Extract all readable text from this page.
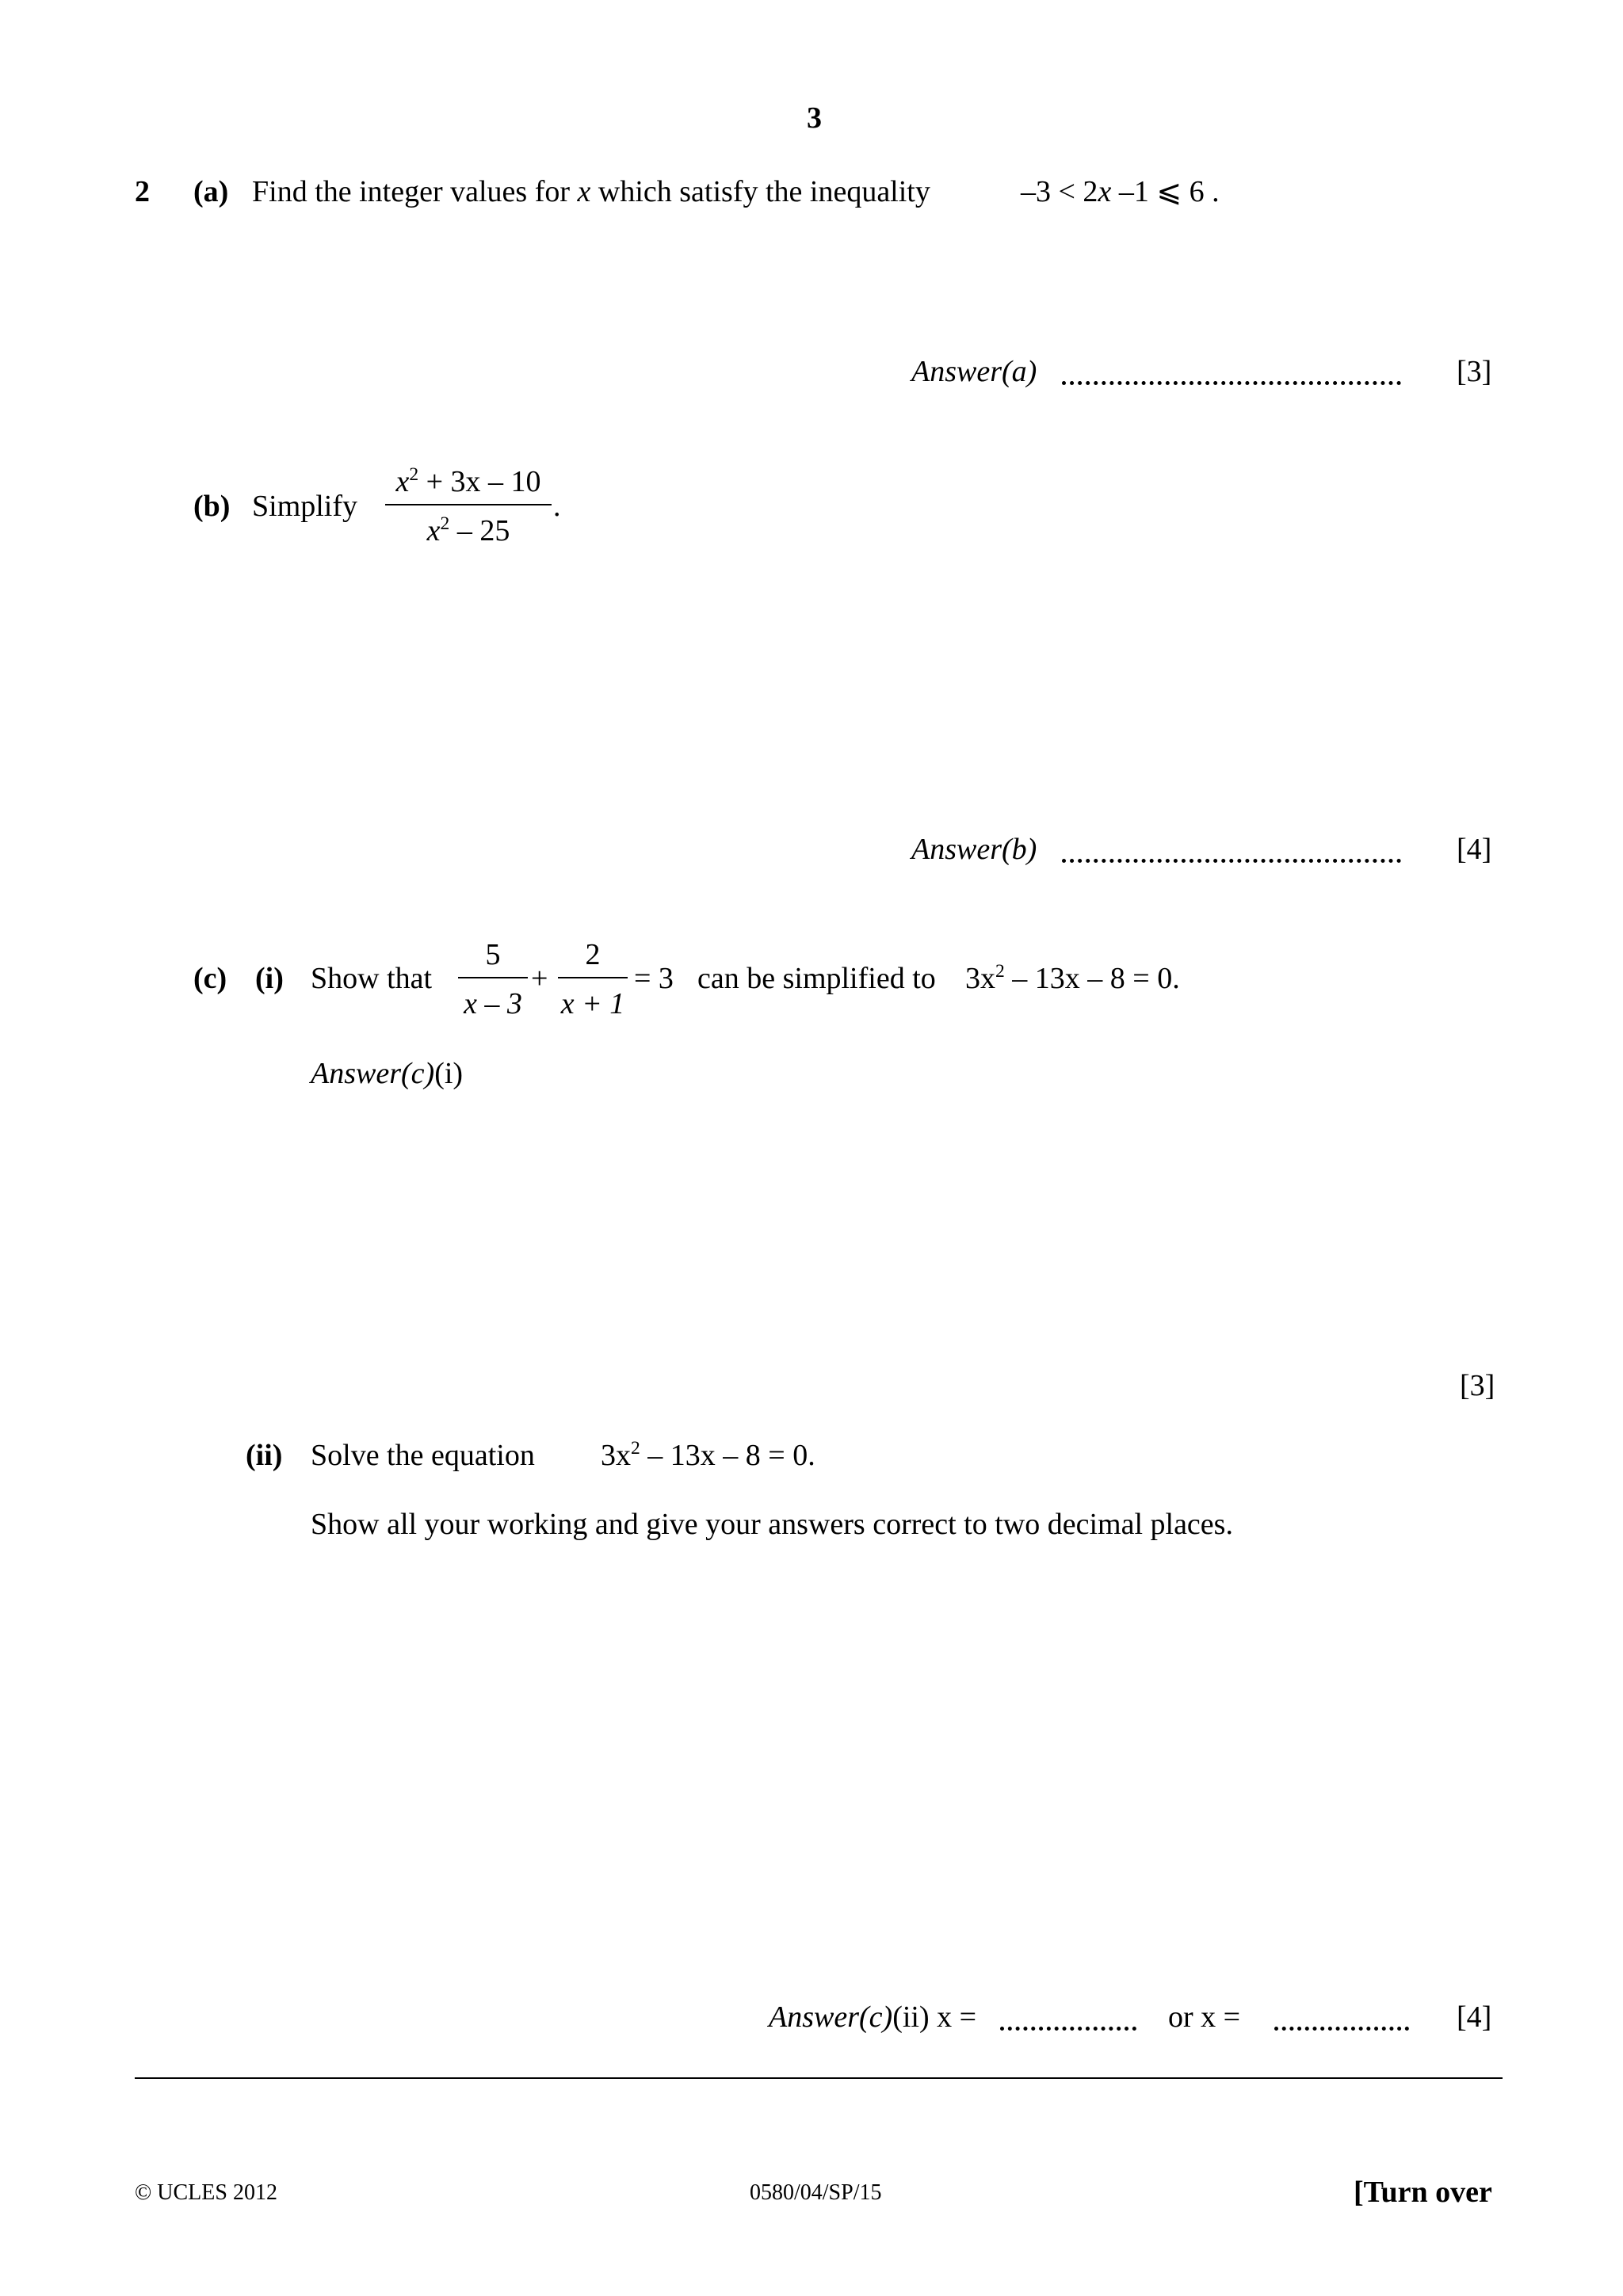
3
2 (a) Find the integer values for x which satisfy the inequality	–3 < 2x –1 ⩽ 6 .
Answer(a)	[3]
(b) Simplify
$x^2 + 3x - 10$
$x^2 - 25$
.
Answer(b)	[4]
(c) (i) Show that
5
x – 3
+
2
x + 1
= 3 can be simplified to $3x^2 - 13x - 8 = 0$.
Answer(c)(i)
[3]
(ii) Solve the equation $3x^2 - 13x - 8 = 0$.
Show all your working and give your answers correct to two decimal places.
Answer(c)(ii) x =	or x =	[4]
© UCLES 2012	0580/04/SP/15	[Turn over
